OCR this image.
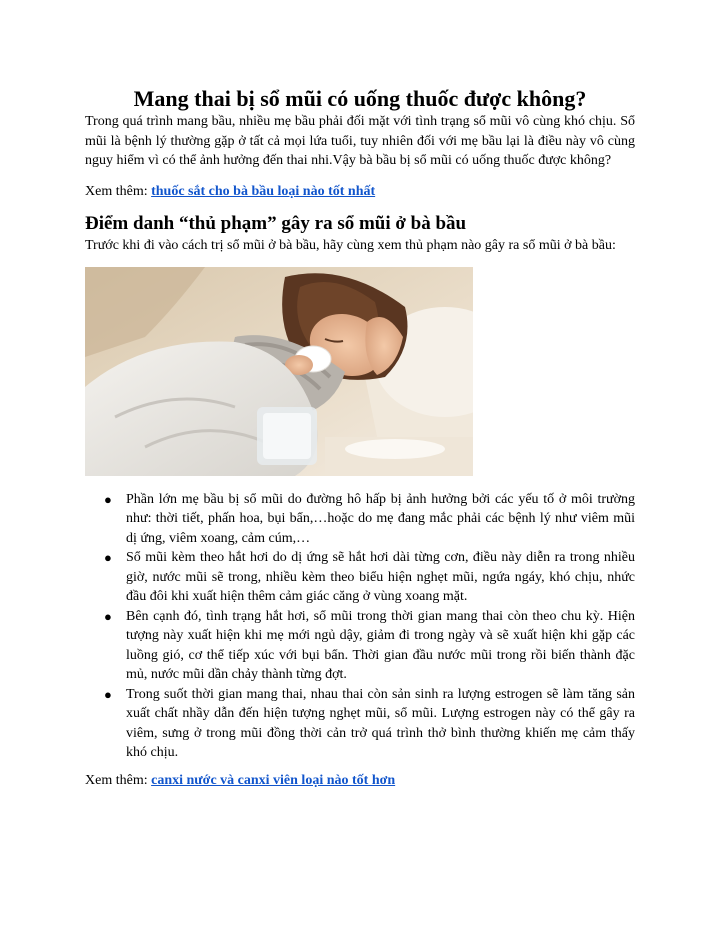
Mang thai bị sổ mũi có uống thuốc được không?

Trong quá trình mang bầu, nhiều mẹ bầu phải đối mặt với tình trạng sổ mũi vô cùng khó chịu. Sổ mũi là bệnh lý thường gặp ở tất cả mọi lứa tuổi, tuy nhiên đối với mẹ bầu lại là điều này vô cùng nguy hiểm vì có thể ảnh hưởng đến thai nhi.Vậy bà bầu bị sổ mũi có uống thuốc được không?

Xem thêm: thuốc sắt cho bà bầu loại nào tốt nhất

Điểm danh “thủ phạm” gây ra sổ mũi ở bà bầu

Trước khi đi vào cách trị sổ mũi ở bà bầu, hãy cùng xem thủ phạm nào gây ra sổ mũi ở bà bầu:

● Phần lớn mẹ bầu bị sổ mũi do đường hô hấp bị ảnh hưởng bởi các yếu tố ở môi trường như: thời tiết, phấn hoa, bụi bẩn,…hoặc do mẹ đang mắc phải các bệnh lý như viêm mũi dị ứng, viêm xoang, cảm cúm,…
● Sổ mũi kèm theo hắt hơi do dị ứng sẽ hắt hơi dài từng cơn, điều này diễn ra trong nhiều giờ, nước mũi sẽ trong, nhiều kèm theo biểu hiện nghẹt mũi, ngứa ngáy, khó chịu, nhức đầu đôi khi xuất hiện thêm cảm giác căng ở vùng xoang mặt.
● Bên cạnh đó, tình trạng hắt hơi, sổ mũi trong thời gian mang thai còn theo chu kỳ. Hiện tượng này xuất hiện khi mẹ mới ngủ dậy, giảm đi trong ngày và sẽ xuất hiện khi gặp các luồng gió, cơ thể tiếp xúc với bụi bẩn. Thời gian đầu nước mũi trong rồi biến thành đặc mủ, nước mũi dần chảy thành từng đợt.
● Trong suốt thời gian mang thai, nhau thai còn sản sinh ra lượng estrogen sẽ làm tăng sản xuất chất nhầy dẫn đến hiện tượng nghẹt mũi, sổ mũi. Lượng estrogen này có thể gây ra viêm, sưng ở trong mũi đồng thời cản trở quá trình thở bình thường khiến mẹ cảm thấy khó chịu.

Xem thêm: canxi nước và canxi viên loại nào tốt hơn
